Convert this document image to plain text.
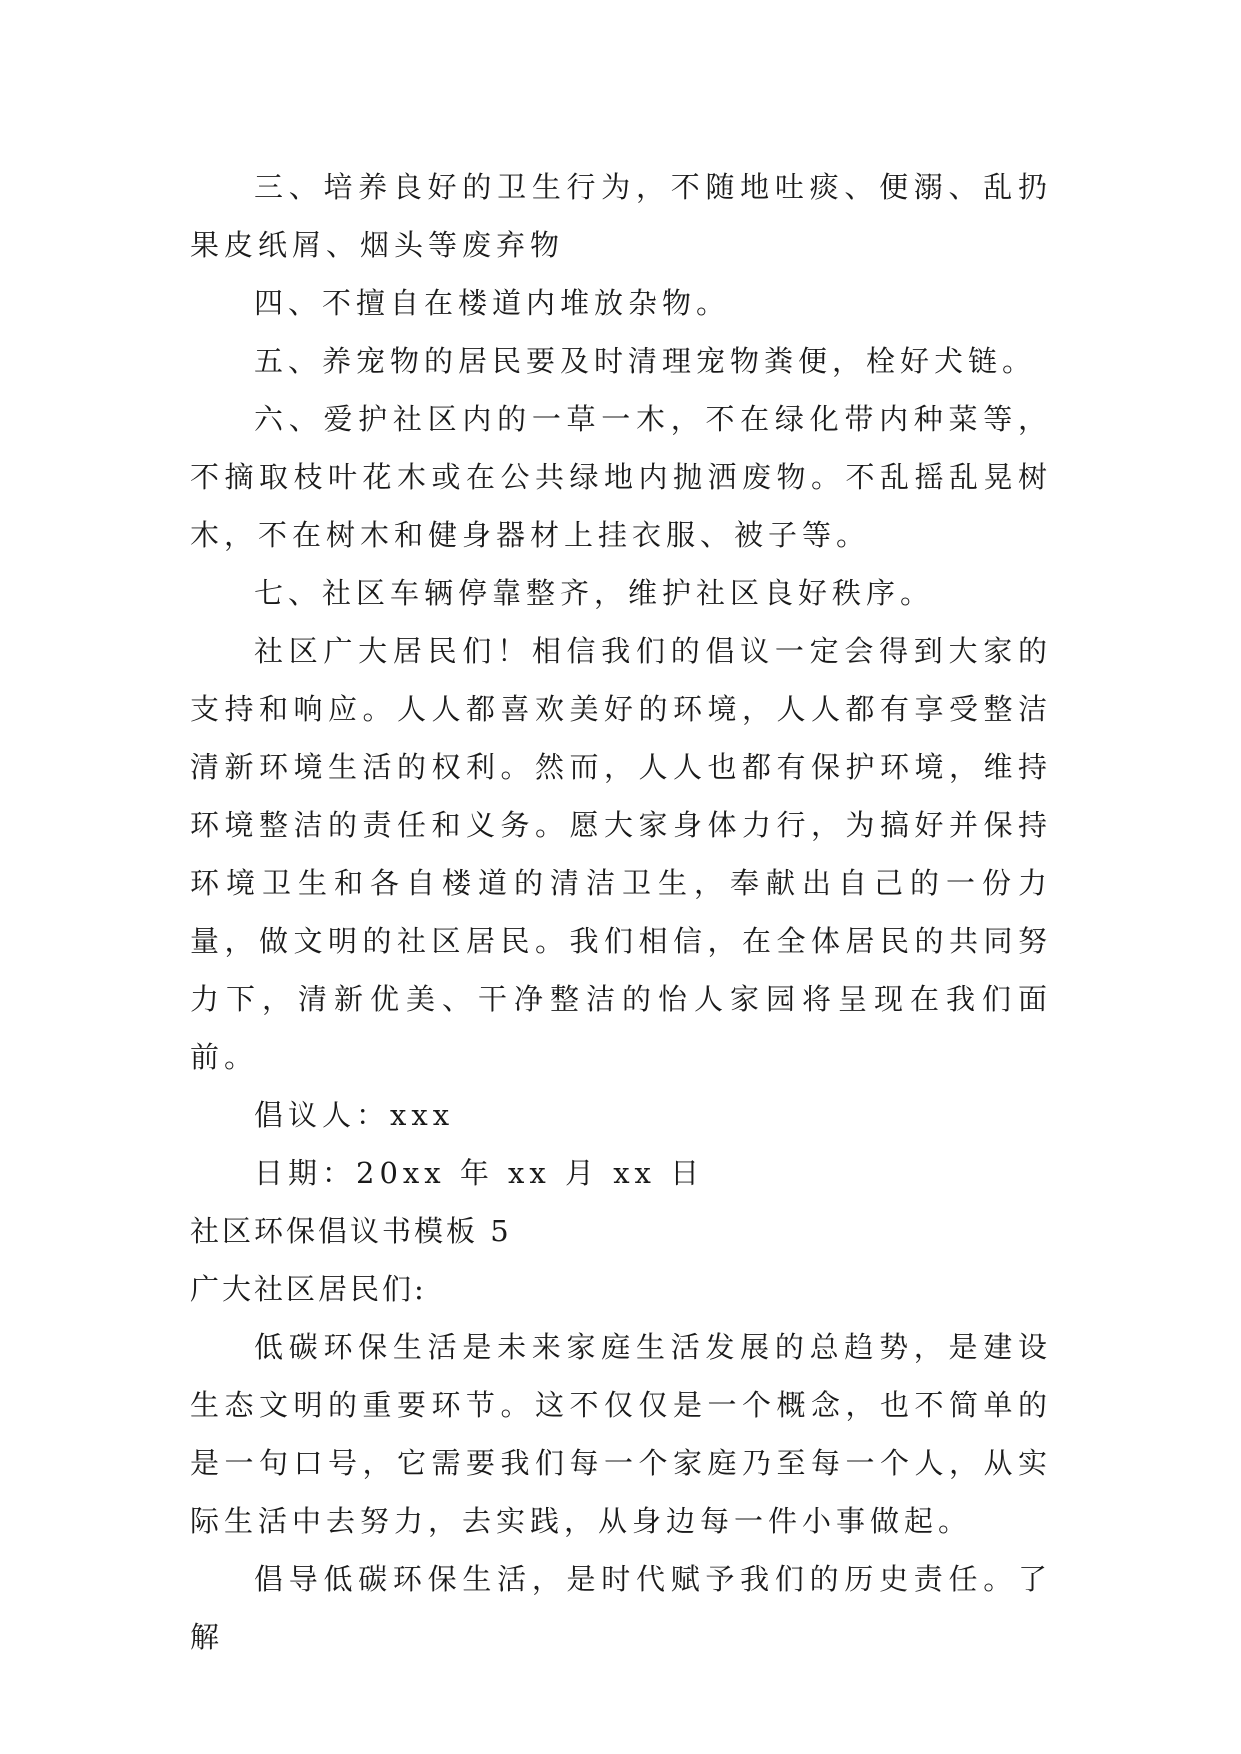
三、培养良好的卫生行为，不随地吐痰、便溺、乱扔果皮纸屑、烟头等废弃物

四、不擅自在楼道内堆放杂物。

五、养宠物的居民要及时清理宠物粪便，栓好犬链。

六、爱护社区内的一草一木，不在绿化带内种菜等，不摘取枝叶花木或在公共绿地内抛洒废物。不乱摇乱晃树木，不在树木和健身器材上挂衣服、被子等。

七、社区车辆停靠整齐，维护社区良好秩序。

社区广大居民们！相信我们的倡议一定会得到大家的支持和响应。人人都喜欢美好的环境，人人都有享受整洁清新环境生活的权利。然而，人人也都有保护环境，维持环境整洁的责任和义务。愿大家身体力行，为搞好并保持环境卫生和各自楼道的清洁卫生，奉献出自己的一份力量，做文明的社区居民。我们相信，在全体居民的共同努力下，清新优美、干净整洁的怡人家园将呈现在我们面前。

倡议人：xxx

日期：20xx 年 xx 月 xx 日

社区环保倡议书模板 5

广大社区居民们:

低碳环保生活是未来家庭生活发展的总趋势，是建设生态文明的重要环节。这不仅仅是一个概念，也不简单的是一句口号，它需要我们每一个家庭乃至每一个人，从实际生活中去努力，去实践，从身边每一件小事做起。

倡导低碳环保生活，是时代赋予我们的历史责任。了解
